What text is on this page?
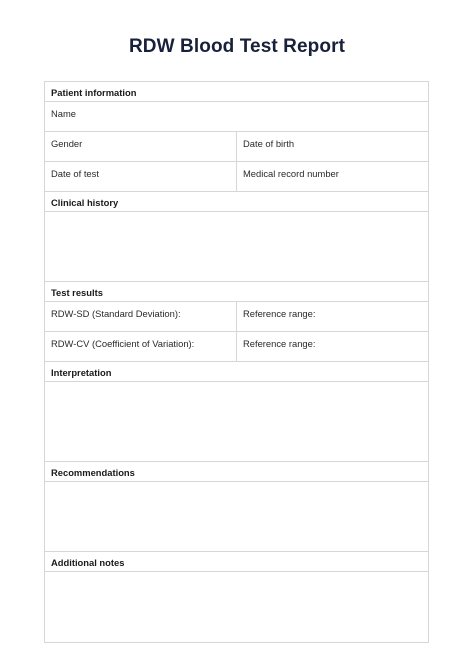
RDW Blood Test Report
Patient information
Name
Gender	Date of birth
Date of test	Medical record number
Clinical history
Test results
RDW-SD (Standard Deviation):	Reference range:
RDW-CV (Coefficient of Variation):	Reference range:
Interpretation
Recommendations
Additional notes
